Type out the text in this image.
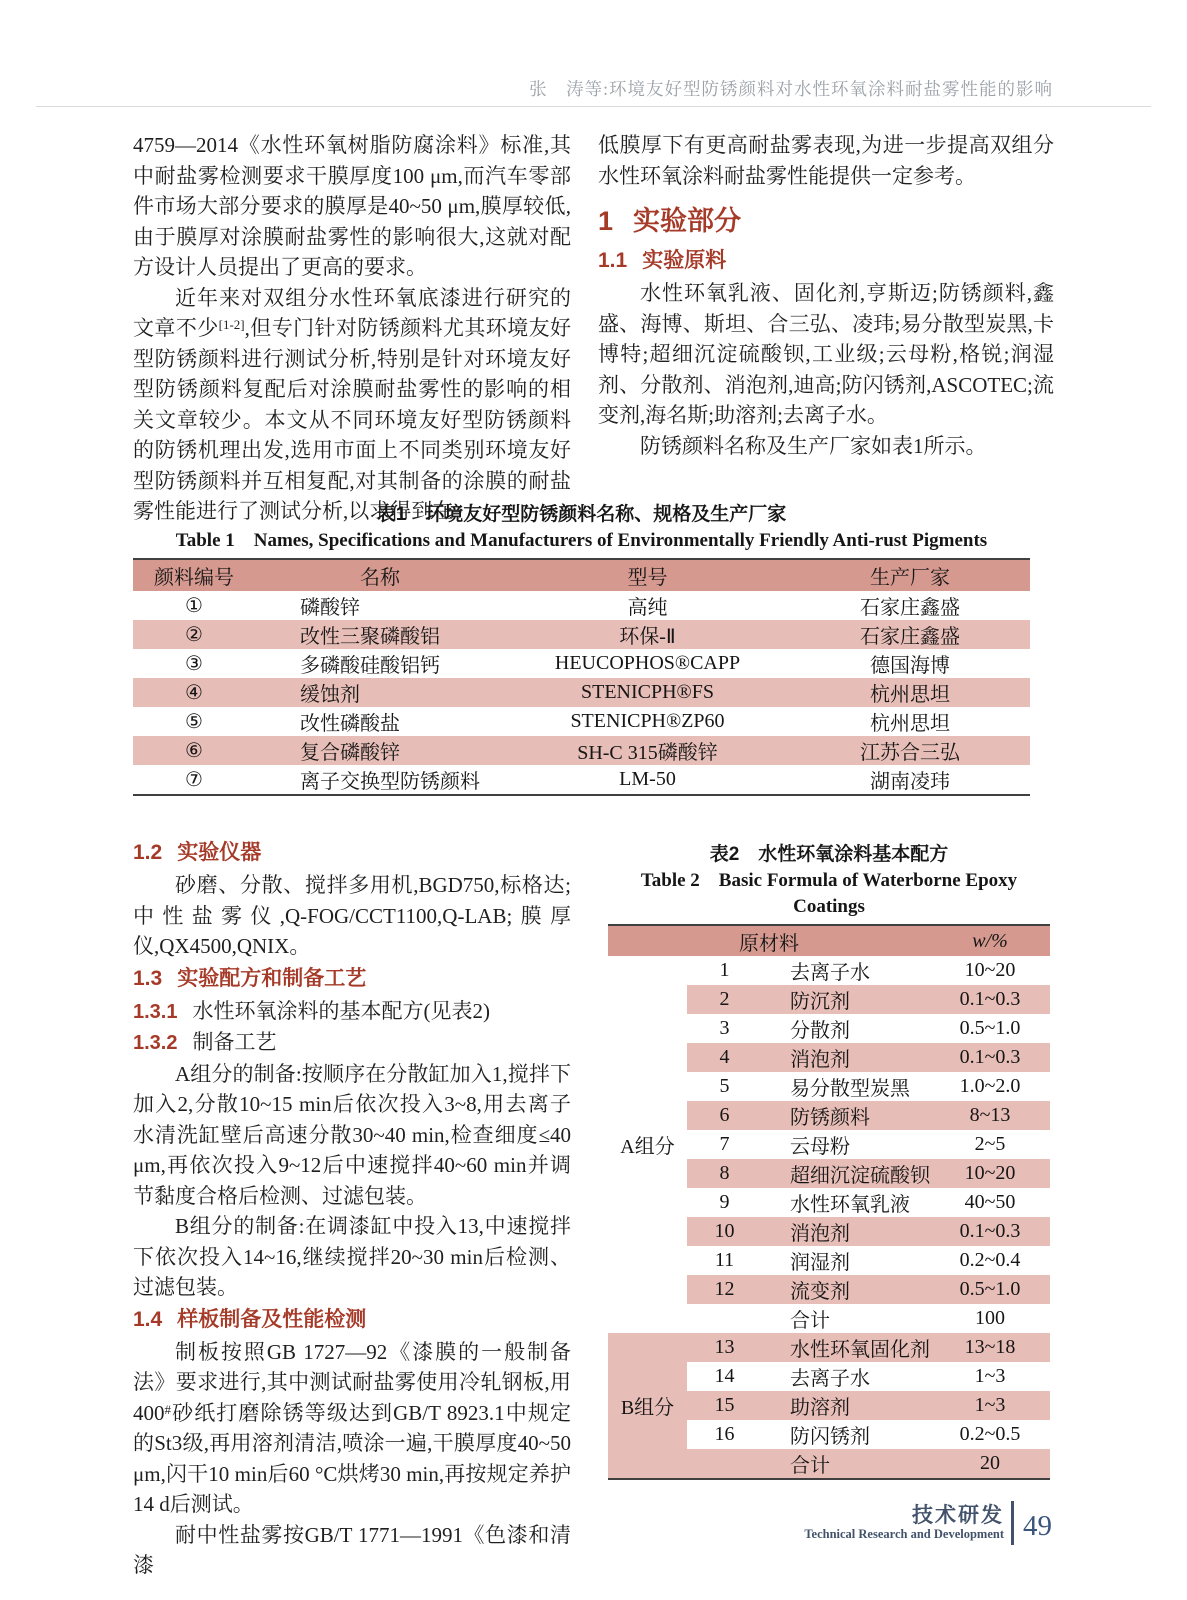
张　涛等:环境友好型防锈颜料对水性环氧涂料耐盐雾性能的影响

4759—2014《水性环氧树脂防腐涂料》标准,其中耐盐雾检测要求干膜厚度100 μm,而汽车零部件市场大部分要求的膜厚是40~50 μm,膜厚较低,由于膜厚对涂膜耐盐雾性的影响很大,这就对配方设计人员提出了更高的要求。

近年来对双组分水性环氧底漆进行研究的文章不少[1-2],但专门针对防锈颜料尤其环境友好型防锈颜料进行测试分析,特别是针对环境友好型防锈颜料复配后对涂膜耐盐雾性的影响的相关文章较少。本文从不同环境友好型防锈颜料的防锈机理出发,选用市面上不同类别环境友好型防锈颜料并互相复配,对其制备的涂膜的耐盐雾性能进行了测试分析,以求得到在

低膜厚下有更高耐盐雾表现,为进一步提高双组分水性环氧涂料耐盐雾性能提供一定参考。

1 实验部分
1.1 实验原料

水性环氧乳液、固化剂,亨斯迈;防锈颜料,鑫盛、海博、斯坦、合三弘、凌玮;易分散型炭黑,卡博特;超细沉淀硫酸钡,工业级;云母粉,格锐;润湿剂、分散剂、消泡剂,迪高;防闪锈剂,ASCOTEC;流变剂,海名斯;助溶剂;去离子水。

防锈颜料名称及生产厂家如表1所示。

表1　环境友好型防锈颜料名称、规格及生产厂家

Table 1　Names, Specifications and Manufacturers of Environmentally Friendly Anti-rust Pigments

颜料编号	名称	型号	生产厂家
①	磷酸锌	高纯	石家庄鑫盛
②	改性三聚磷酸铝	环保-Ⅱ	石家庄鑫盛
③	多磷酸硅酸铝钙	HEUCOPHOS®CAPP	德国海博
④	缓蚀剂	STENICPH®FS	杭州思坦
⑤	改性磷酸盐	STENICPH®ZP60	杭州思坦
⑥	复合磷酸锌	SH-C 315磷酸锌	江苏合三弘
⑦	离子交换型防锈颜料	LM-50	湖南凌玮
1.2 实验仪器

砂磨、分散、搅拌多用机,BGD750,标格达;中性盐雾仪,Q-FOG/CCT1100,Q-LAB;膜厚仪,QX4500,QNIX。

1.3 实验配方和制备工艺

1.3.1 水性环氧涂料的基本配方(见表2)

1.3.2 制备工艺

A组分的制备:按顺序在分散缸加入1,搅拌下加入2,分散10~15 min后依次投入3~8,用去离子水清洗缸壁后高速分散30~40 min,检查细度≤40 μm,再依次投入9~12后中速搅拌40~60 min并调节黏度合格后检测、过滤包装。

B组分的制备:在调漆缸中投入13,中速搅拌下依次投入14~16,继续搅拌20~30 min后检测、过滤包装。

1.4 样板制备及性能检测

制板按照GB 1727—92《漆膜的一般制备法》要求进行,其中测试耐盐雾使用冷轧钢板,用400#砂纸打磨除锈等级达到GB/T 8923.1中规定的St3级,再用溶剂清洁,喷涂一遍,干膜厚度40~50 μm,闪干10 min后60 °C烘烤30 min,再按规定养护14 d后测试。

耐中性盐雾按GB/T 1771—1991《色漆和清漆

表2　水性环氧涂料基本配方

Table 2　Basic Formula of Waterborne Epoxy Coatings

原材料			w/%
A组分	1	去离子水	10~20
	2	防沉剂	0.1~0.3
	3	分散剂	0.5~1.0
	4	消泡剂	0.1~0.3
	5	易分散型炭黑	1.0~2.0
	6	防锈颜料	8~13
	7	云母粉	2~5
	8	超细沉淀硫酸钡	10~20
	9	水性环氧乳液	40~50
	10	消泡剂	0.1~0.3
	11	润湿剂	0.2~0.4
	12	流变剂	0.5~1.0
		合计	100
B组分	13	水性环氧固化剂	13~18
	14	去离子水	1~3
	15	助溶剂	1~3
	16	防闪锈剂	0.2~0.5
		合计	20
技术研发
Technical Research and Development 49
